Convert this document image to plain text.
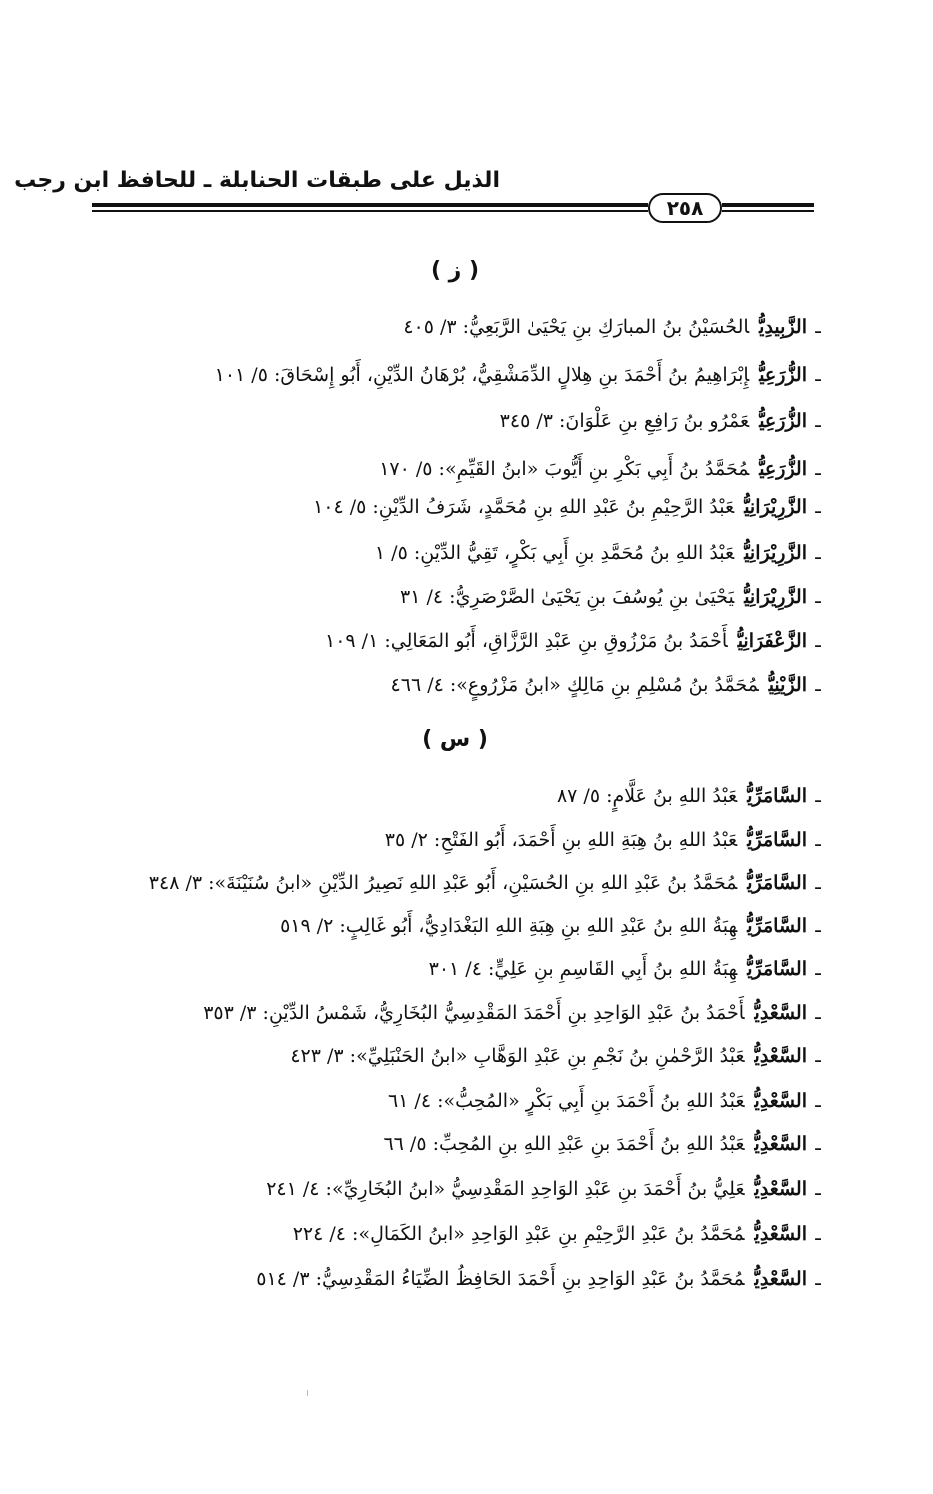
الذيل على طبقات الحنابلة ـ للحافظ ابن رجب
٢٥٨
( ز )
ـالزَّبِيدِيُّالحُسَيْنُ بنُ المبارَكِ بنِ يَحْيَىٰ الرَّبَعِيُّ: ٣/ ٤٠٥
ـالزُّرَعِيُّإِبْرَاهِيمُ بنُ أَحْمَدَ بنِ هِلالٍ الدِّمَشْقِيُّ، بُرْهَانُ الدِّيْنِ، أَبُو إِسْحَاقَ: ٥/ ١٠١
ـالزُّرَعِيُّعَمْرُو بنُ رَافِعِ بنِ عَلْوَانَ: ٣/ ٣٤٥
ـالزُّرَعِيُّمُحَمَّدُ بنُ أَبِي بَكْرِ بنِ أَيُّوبَ «ابنُ القَيِّمِ»: ٥/ ١٧٠
ـالزَّرِيْرَانِيُّعَبْدُ الرَّحِيْمِ بنُ عَبْدِ اللهِ بنِ مُحَمَّدٍ، شَرَفُ الدِّيْنِ: ٥/ ١٠٤
ـالزَّرِيْرَانِيُّعَبْدُ اللهِ بنُ مُحَمَّدِ بنِ أَبِي بَكْرٍ، تَقِيُّ الدِّيْنِ: ٥/ ١
ـالزَّرِيْرَانِيُّيَحْيَىٰ بنِ يُوسُفَ بنِ يَحْيَىٰ الصَّرْصَرِيُّ: ٤/ ٣١
ـالزَّعْفَرَانِيُّأَحْمَدُ بنُ مَرْزُوقِ بنِ عَبْدِ الرَّزَّاقِ، أَبُو المَعَالِي: ١/ ١٠٩
ـالزَّيْنِيُّمُحَمَّدُ بنُ مُسْلِمِ بنِ مَالِكٍ «ابنُ مَزْرُوعٍ»: ٤/ ٤٦٦
( س )
ـالسَّامَرِّيُّعَبْدُ اللهِ بنُ عَلَّامٍ: ٥/ ٨٧
ـالسَّامَرِّيُّعَبْدُ اللهِ بنُ هِبَةِ اللهِ بنِ أَحْمَدَ، أَبُو الفَتْحِ: ٢/ ٣٥
ـالسَّامَرِّيُّمُحَمَّدُ بنُ عَبْدِ اللهِ بنِ الحُسَيْنِ، أَبُو عَبْدِ اللهِ نَصِيرُ الدِّيْنِ «ابنُ سُنَيْنَةَ»: ٣/ ٣٤٨
ـالسَّامَرِّيُّهِبَةُ اللهِ بنُ عَبْدِ اللهِ بنِ هِبَةِ اللهِ البَغْدَادِيُّ، أَبُو غَالِبٍ: ٢/ ٥١٩
ـالسَّامَرِّيُّهِبَةُ اللهِ بنُ أَبِي القَاسِمِ بنِ عَلِيٍّ: ٤/ ٣٠١
ـالسَّعْدِيُّأَحْمَدُ بنُ عَبْدِ الوَاحِدِ بنِ أَحْمَدَ المَقْدِسِيُّ البُخَارِيُّ، شَمْسُ الدِّيْنِ: ٣/ ٣٥٣
ـالسَّعْدِيُّعَبْدُ الرَّحْمٰنِ بنُ نَجْمِ بنِ عَبْدِ الوَهَّابِ «ابنُ الحَنْبَلِيِّ»: ٣/ ٤٢٣
ـالسَّعْدِيُّعَبْدُ اللهِ بنُ أَحْمَدَ بنِ أَبِي بَكْرٍ «المُحِبُّ»: ٤/ ٦١
ـالسَّعْدِيُّعَبْدُ اللهِ بنُ أَحْمَدَ بنِ عَبْدِ اللهِ بنِ المُحِبِّ: ٥/ ٦٦
ـالسَّعْدِيُّعَلِيُّ بنُ أَحْمَدَ بنِ عَبْدِ الوَاحِدِ المَقْدِسِيُّ «ابنُ البُخَارِيِّ»: ٤/ ٢٤١
ـالسَّعْدِيُّمُحَمَّدُ بنُ عَبْدِ الرَّحِيْمِ بنِ عَبْدِ الوَاحِدِ «ابنُ الكَمَالِ»: ٤/ ٢٢٤
ـالسَّعْدِيُّمُحَمَّدُ بنُ عَبْدِ الوَاحِدِ بنِ أَحْمَدَ الحَافِظُ الضِّيَاءُ المَقْدِسِيُّ: ٣/ ٥١٤
